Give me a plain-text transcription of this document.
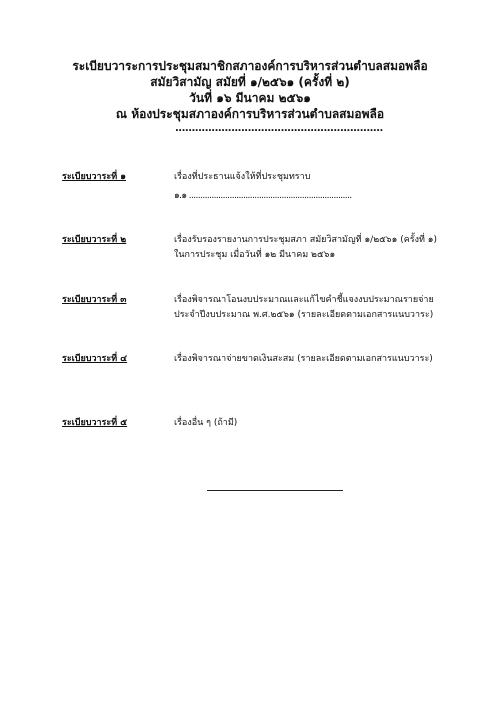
ระเบียบวาระการประชุมสมาชิกสภาองค์การบริหารส่วนตำบลสมอพลือ
สมัยวิสามัญ สมัยที่ ๑/๒๕๖๑ (ครั้งที่ ๒)
วันที่ ๑๖ มีนาคม ๒๕๖๑
ณ ห้องประชุมสภาองค์การบริหารส่วนตำบลสมอพลือ
...............................................................
ระเบียบวาระที่ ๑	เรื่องที่ประธานแจ้งให้ที่ประชุมทราบ
๑.๑ ........................................................................
ระเบียบวาระที่ ๒	เรื่องรับรองรายงานการประชุมสภา สมัยวิสามัญที่ ๑/๒๕๖๑ (ครั้งที่ ๑)
ในการประชุม เมื่อวันที่ ๑๒ มีนาคม ๒๕๖๑
ระเบียบวาระที่ ๓	เรื่องพิจารณาโอนงบประมาณและแก้ไขคำชี้แจงงบประมาณรายจ่าย
ประจำปีงบประมาณ พ.ศ.๒๕๖๑ (รายละเอียดตามเอกสารแนบวาระ)
ระเบียบวาระที่ ๔	เรื่องพิจารณาจ่ายขาดเงินสะสม (รายละเอียดตามเอกสารแนบวาระ)
ระเบียบวาระที่ ๕	เรื่องอื่น ๆ (ถ้ามี)
